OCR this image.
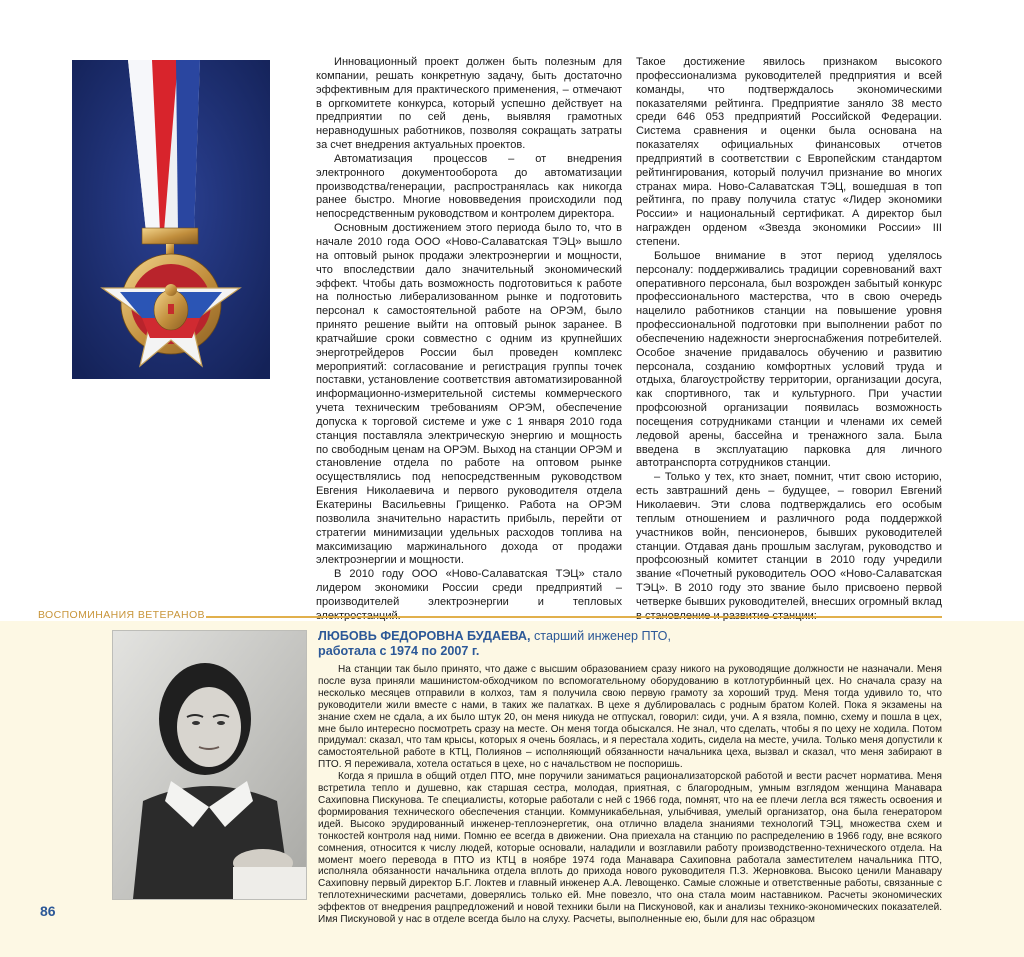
Инновационный проект должен быть полезным для компании, решать конкретную задачу, быть достаточно эффективным для практического применения, – отмечают в оргкомитете конкурса, который успешно действует на предприятии по сей день, выявляя грамотных неравнодушных работников, позволяя сокращать затраты за счет внедрения актуальных проектов.

Автоматизация процессов – от внедрения электронного документооборота до автоматизации производства/генерации, распространялась как никогда ранее быстро. Многие нововведения происходили под непосредственным руководством и контролем директора.

Основным достижением этого периода было то, что в начале 2010 года ООО «Ново-Салаватская ТЭЦ» вышло на оптовый рынок продажи электроэнергии и мощности, что впоследствии дало значительный экономический эффект. Чтобы дать возможность подготовиться к работе на полностью либерализованном рынке и подготовить персонал к самостоятельной работе на ОРЭМ, было принято решение выйти на оптовый рынок заранее. В кратчайшие сроки совместно с одним из крупнейших энерготрейдеров России был проведен комплекс мероприятий: согласование и регистрация группы точек поставки, установление соответствия автоматизированной информационно-измерительной системы коммерческого учета техническим требованиям ОРЭМ, обеспечение допуска к торговой системе и уже с 1 января 2010 года станция поставляла электрическую энергию и мощность по свободным ценам на ОРЭМ. Выход на станции ОРЭМ и становление отдела по работе на оптовом рынке осуществлялись под непосредственным руководством Евгения Николаевича и первого руководителя отдела Екатерины Васильевны Грищенко. Работа на ОРЭМ позволила значительно нарастить прибыль, перейти от стратегии минимизации удельных расходов топлива на максимизацию маржинального дохода от продажи электроэнергии и мощности.

В 2010 году ООО «Ново-Салаватская ТЭЦ» стало лидером экономики России среди предприятий – производителей электроэнергии и тепловых

Такое достижение явилось признаком высокого профессионализма руководителей предприятия и всей команды, что подтверждалось экономическими показателями рейтинга. Предприятие заняло 38 место среди 646 053 предприятий Российской Федерации. Система сравнения и оценки была основана на показателях официальных финансовых отчетов предприятий в соответствии с Европейским стандартом рейтингирования, который получил признание во многих странах мира. Ново-Салаватская ТЭЦ, вошедшая в топ рейтинга, по праву получила статус «Лидер экономики России» и национальный сертификат. А директор был награжден орденом «Звезда экономики России» III степени.

Большое внимание в этот период уделялось персоналу: поддерживались традиции соревнований вахт оперативного персонала, был возрожден забытый конкурс профессионального мастерства, что в свою очередь нацелило работников станции на повышение уровня профессиональной подготовки при выполнении работ по обеспечению надежности энергоснабжения потребителей. Особое значение придавалось обучению и развитию персонала, созданию комфортных условий труда и отдыха, благоустройству территории, организации досуга, как спортивного, так и культурного. При участии профсоюзной организации появилась возможность посещения сотрудниками станции и членами их семей ледовой арены, бассейна и тренажного зала. Была введена в эксплуатацию парковка для личного автотранспорта сотрудников станции.

– Только у тех, кто знает, помнит, чтит свою историю, есть завтрашний день – будущее, – говорил Евгений Николаевич. Эти слова подтверждались его особым теплым отношением и различного рода поддержкой участников войн, пенсионеров, бывших руководителей станции. Отдавая дань прошлым заслугам, руководство и профсоюзный комитет станции в 2010 году учредили звание «Почетный руководитель ООО «Ново-Салаватская ТЭЦ». В 2010 году это звание было присвоено первой четверке бывших руководителей, внесших огромный вклад

ВОСПОМИНАНИЯ ВЕТЕРАНОВ
ЛЮБОВЬ ФЕДОРОВНА БУДАЕВА, старший инженер ПТО,
работала с 1974 по 2007 г.

На станции так было принято, что даже с высшим образованием сразу никого на руководящие должности не назначали. Меня после вуза приняли машинистом-обходчиком по вспомогательному оборудованию в котлотурбинный цех. Но сначала сразу на несколько месяцев отправили в колхоз, там я получила свою первую грамоту за хороший труд. Меня тогда удивило то, что руководители жили вместе с нами, в таких же палатках. В цехе я дублировалась с родным братом Колей. Пока я экзамены на знание схем не сдала, а их было штук 20, он меня никуда не отпускал, говорил: сиди, учи. А я взяла, помню, схему и пошла в цех, мне было интересно посмотреть сразу на месте. Он меня тогда обыскался. Не знал, что сделать, чтобы я по цеху не ходила. Потом придумал: сказал, что там крысы, которых я очень боялась, и я перестала ходить, сидела на месте, учила. Только меня допустили к самостоятельной работе в КТЦ, Полиянов – исполняющий обязанности начальника цеха, вызвал и сказал, что меня забирают в ПТО. Я переживала, хотела остаться в цехе, но с начальством не поспоришь.

Когда я пришла в общий отдел ПТО, мне поручили заниматься рационализаторской работой и вести расчет норматива. Меня встретила тепло и душевно, как старшая сестра, молодая, приятная, с благородным, умным взглядом женщина Манавара Сахиповна Пискунова. Те специалисты, которые работали с ней с 1966 года, помнят, что на ее плечи легла вся тяжесть освоения и формирования технического обеспечения станции. Коммуникабельная, улыбчивая, умелый организатор, она была генератором идей. Высоко эрудированный инженер-теплоэнергетик, она отлично владела знаниями технологий ТЭЦ, множества схем и тонкостей контроля над ними. Помню ее всегда в движении. Она приехала на станцию по распределению в 1966 году, вне всякого сомнения, относится к числу людей, которые основали, наладили и возглавили работу производственно-технического отдела. На момент моего перевода в ПТО из КТЦ в ноябре 1974 года Манавара Сахиповна работала заместителем начальника ПТО, исполняла обязанности начальника отдела вплоть до прихода нового руководителя П.З. Жерновкова. Высоко ценили Манавару Сахиповну первый директор Б.Г. Локтев и главный инженер А.А. Левощенко. Самые сложные и ответственные работы, связанные с теплотехническими расчетами, доверялись только ей. Мне повезло, что она стала моим наставником. Расчеты экономических эффектов от внедрения рацпредложений и новой техники были на Пискуновой, как и анализы технико-экономических показателей. Имя Пискуновой у нас в отделе всегда было на слуху. Расчеты, выполненные ею, были для нас образцом

86
